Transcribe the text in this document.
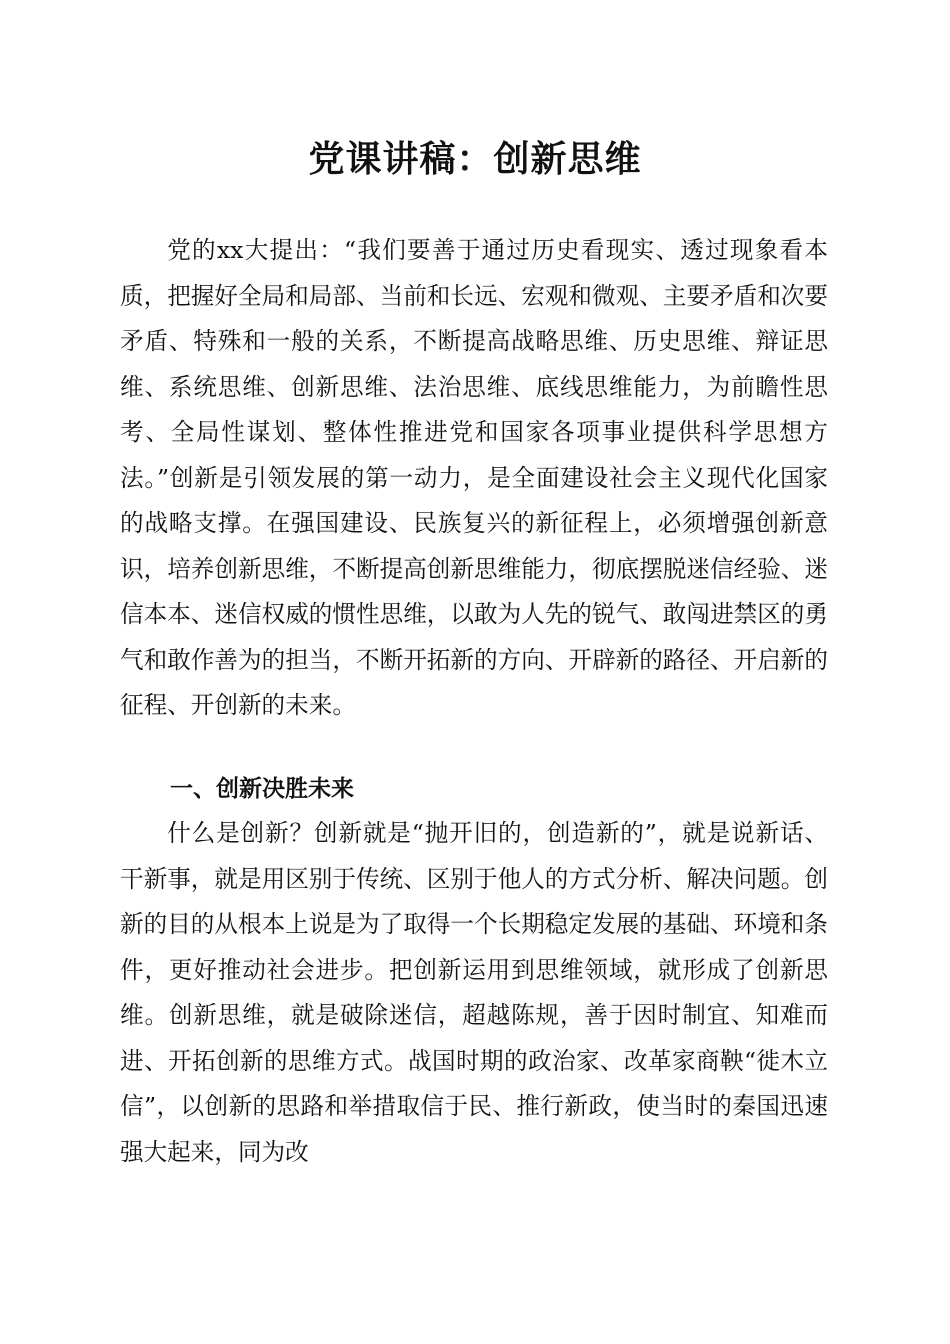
党课讲稿：创新思维

党的xx大提出：“我们要善于通过历史看现实、透过现象看本质，把握好全局和局部、当前和长远、宏观和微观、主要矛盾和次要矛盾、特殊和一般的关系，不断提高战略思维、历史思维、辩证思维、系统思维、创新思维、法治思维、底线思维能力，为前瞻性思考、全局性谋划、整体性推进党和国家各项事业提供科学思想方法。”创新是引领发展的第一动力，是全面建设社会主义现代化国家的战略支撑。在强国建设、民族复兴的新征程上，必须增强创新意识，培养创新思维，不断提高创新思维能力，彻底摆脱迷信经验、迷信本本、迷信权威的惯性思维，以敢为人先的锐气、敢闯进禁区的勇气和敢作善为的担当，不断开拓新的方向、开辟新的路径、开启新的征程、开创新的未来。

一、创新决胜未来

什么是创新？创新就是“抛开旧的，创造新的”，就是说新话、干新事，就是用区别于传统、区别于他人的方式分析、解决问题。创新的目的从根本上说是为了取得一个长期稳定发展的基础、环境和条件，更好推动社会进步。把创新运用到思维领域，就形成了创新思维。创新思维，就是破除迷信，超越陈规，善于因时制宜、知难而进、开拓创新的思维方式。战国时期的政治家、改革家商鞅“徙木立信”，以创新的思路和举措取信于民、推行新政，使当时的秦国迅速强大起来，同为改
